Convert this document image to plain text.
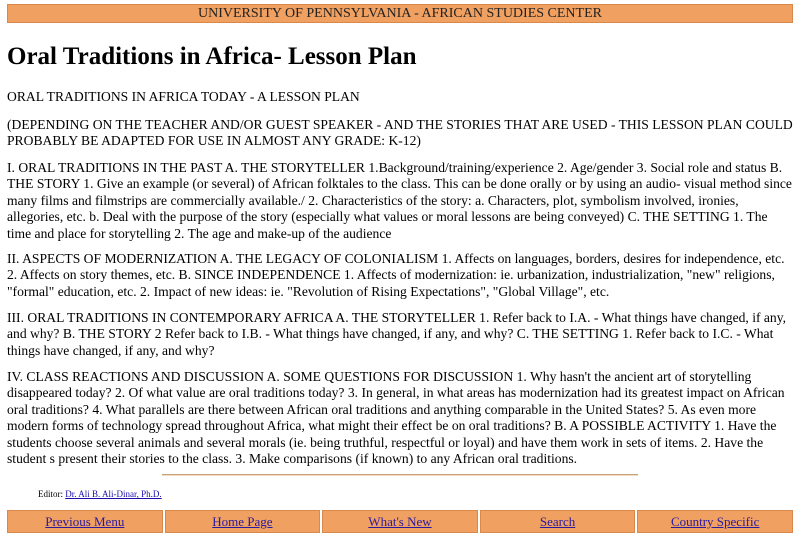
UNIVERSITY OF PENNSYLVANIA - AFRICAN STUDIES CENTER
Oral Traditions in Africa- Lesson Plan

ORAL TRADITIONS IN AFRICA TODAY - A LESSON PLAN

(DEPENDING ON THE TEACHER AND/OR GUEST SPEAKER - AND THE STORIES THAT ARE USED - THIS LESSON PLAN COULD PROBABLY BE ADAPTED FOR USE IN ALMOST ANY GRADE: K-12)

I. ORAL TRADITIONS IN THE PAST A. THE STORYTELLER 1.Background/training/experience 2. Age/gender 3. Social role and status B. THE STORY 1. Give an example (or several) of African folktales to the class. This can be done orally or by using an audio- visual method since many films and filmstrips are commercially available./ 2. Characteristics of the story: a. Characters, plot, symbolism involved, ironies, allegories, etc. b. Deal with the purpose of the story (especially what values or moral lessons are being conveyed) C. THE SETTING 1. The time and place for storytelling 2. The age and make-up of the audience

II. ASPECTS OF MODERNIZATION A. THE LEGACY OF COLONIALISM 1. Affects on languages, borders, desires for independence, etc. 2. Affects on story themes, etc. B. SINCE INDEPENDENCE 1. Affects of modernization: ie. urbanization, industrialization, "new" religions, "formal" education, etc. 2. Impact of new ideas: ie. "Revolution of Rising Expectations", "Global Village", etc.

III. ORAL TRADITIONS IN CONTEMPORARY AFRICA A. THE STORYTELLER 1. Refer back to I.A. - What things have changed, if any, and why? B. THE STORY 2 Refer back to I.B. - What things have changed, if any, and why? C. THE SETTING 1. Refer back to I.C. - What things have changed, if any, and why?

IV. CLASS REACTIONS AND DISCUSSION A. SOME QUESTIONS FOR DISCUSSION 1. Why hasn't the ancient art of storytelling disappeared today? 2. Of what value are oral traditions today? 3. In general, in what areas has modernization had its greatest impact on African oral traditions? 4. What parallels are there between African oral traditions and anything comparable in the United States? 5. As even more modern forms of technology spread throughout Africa, what might their effect be on oral traditions? B. A POSSIBLE ACTIVITY 1. Have the students choose several animals and several morals (ie. being truthful, respectful or loyal) and have them work in sets of items. 2. Have the student s present their stories to the class. 3. Make comparisons (if known) to any African oral traditions.

Editor: Dr. Ali B. Ali-Dinar, Ph.D.
Previous Menu	Home Page	What's New	Search	Country Specific
